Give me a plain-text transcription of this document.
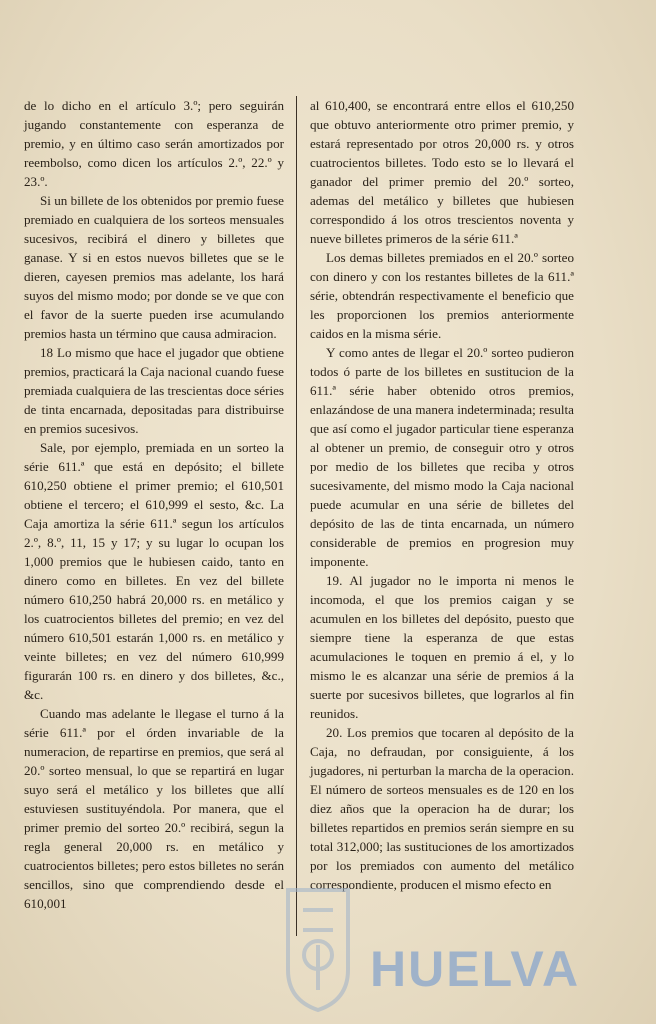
de lo dicho en el artículo 3.º; pero seguirán jugando constantemente con esperanza de premio, y en último caso serán amortizados por reembolso, como dicen los artículos 2.º, 22.º y 23.º.

Si un billete de los obtenidos por premio fuese premiado en cualquiera de los sorteos mensuales sucesivos, recibirá el dinero y billetes que ganase. Y si en estos nuevos billetes que se le dieren, cayesen premios mas adelante, los hará suyos del mismo modo; por donde se ve que con el favor de la suerte pueden irse acumulando premios hasta un término que causa admiracion.

18 Lo mismo que hace el jugador que obtiene premios, practicará la Caja nacional cuando fuese premiada cualquiera de las trescientas doce séries de tinta encarnada, depositadas para distribuirse en premios sucesivos.

Sale, por ejemplo, premiada en un sorteo la série 611.ª que está en depósito; el billete 610,250 obtiene el primer premio; el 610,501 obtiene el tercero; el 610,999 el sesto, &c. La Caja amortiza la série 611.ª segun los artículos 2.º, 8.º, 11, 15 y 17; y su lugar lo ocupan los 1,000 premios que le hubiesen caido, tanto en dinero como en billetes. En vez del billete número 610,250 habrá 20,000 rs. en metálico y los cuatrocientos billetes del premio; en vez del número 610,501 estarán 1,000 rs. en metálico y veinte billetes; en vez del número 610,999 figurarán 100 rs. en dinero y dos billetes, &c., &c.

Cuando mas adelante le llegase el turno á la série 611.ª por el órden invariable de la numeracion, de repartirse en premios, que será al 20.º sorteo mensual, lo que se repartirá en lugar suyo será el metálico y los billetes que allí estuviesen sustituyéndola. Por manera, que el primer premio del sorteo 20.º recibirá, segun la regla general 20,000 rs. en metálico y cuatrocientos billetes; pero estos billetes no serán sencillos, sino que comprendiendo desde el 610,001

al 610,400, se encontrará entre ellos el 610,250 que obtuvo anteriormente otro primer premio, y estará representado por otros 20,000 rs. y otros cuatrocientos billetes. Todo esto se lo llevará el ganador del primer premio del 20.º sorteo, ademas del metálico y billetes que hubiesen correspondido á los otros trescientos noventa y nueve billetes primeros de la série 611.ª

Los demas billetes premiados en el 20.º sorteo con dinero y con los restantes billetes de la 611.ª série, obtendrán respectivamente el beneficio que les proporcionen los premios anteriormente caidos en la misma série.

Y como antes de llegar el 20.º sorteo pudieron todos ó parte de los billetes en sustitucion de la 611.ª série haber obtenido otros premios, enlazándose de una manera indeterminada; resulta que así como el jugador particular tiene esperanza al obtener un premio, de conseguir otro y otros por medio de los billetes que reciba y otros sucesivamente, del mismo modo la Caja nacional puede acumular en una série de billetes del depósito de las de tinta encarnada, un número considerable de premios en progresion muy imponente.

19. Al jugador no le importa ni menos le incomoda, el que los premios caigan y se acumulen en los billetes del depósito, puesto que siempre tiene la esperanza de que estas acumulaciones le toquen en premio á el, y lo mismo le es alcanzar una série de premios á la suerte por sucesivos billetes, que lograrlos al fin reunidos.

20. Los premios que tocaren al depósito de la Caja, no defraudan, por consiguiente, á los jugadores, ni perturban la marcha de la operacion. El número de sorteos mensuales es de 120 en los diez años que la operacion ha de durar; los billetes repartidos en premios serán siempre en su total 312,000; las sustituciones de los amortizados por los premiados con aumento del metálico correspondiente, producen el mismo efecto en

HUELVA
